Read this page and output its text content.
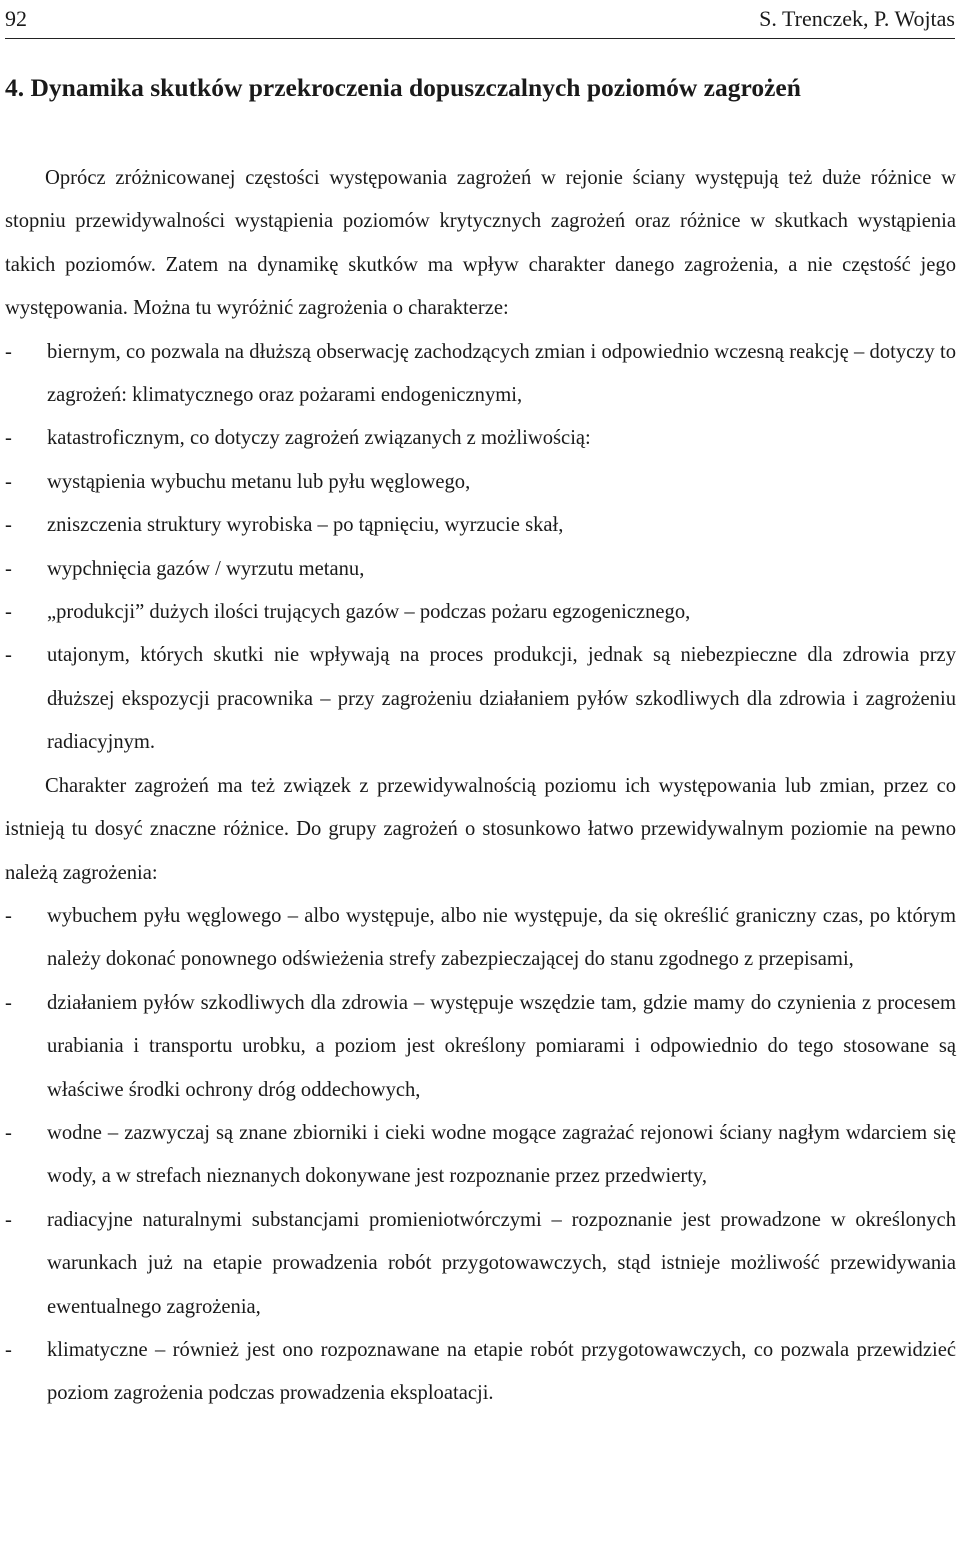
92	S. Trenczek, P. Wojtas
4. Dynamika skutków przekroczenia dopuszczalnych poziomów zagrożeń

Oprócz zróżnicowanej częstości występowania zagrożeń w rejonie ściany występują też duże różnice w stopniu przewidywalności wystąpienia poziomów krytycznych zagrożeń oraz różnice w skutkach wystąpienia takich poziomów. Zatem na dynamikę skutków ma wpływ charakter danego zagrożenia, a nie częstość jego występowania. Można tu wyróżnić zagrożenia o charakterze:

- biernym, co pozwala na dłuższą obserwację zachodzących zmian i odpowiednio wczesną reakcję – dotyczy to zagrożeń: klimatycznego oraz pożarami endogenicznymi,
- katastroficznym, co dotyczy zagrożeń związanych z możliwością:
- wystąpienia wybuchu metanu lub pyłu węglowego,
- zniszczenia struktury wyrobiska – po tąpnięciu, wyrzucie skał,
- wypchnięcia gazów / wyrzutu metanu,
- „produkcji” dużych ilości trujących gazów – podczas pożaru egzogenicznego,
- utajonym, których skutki nie wpływają na proces produkcji, jednak są niebezpieczne dla zdrowia przy dłuższej ekspozycji pracownika – przy zagrożeniu działaniem pyłów szkodliwych dla zdrowia i zagrożeniu radiacyjnym.

Charakter zagrożeń ma też związek z przewidywalnością poziomu ich występowania lub zmian, przez co istnieją tu dosyć znaczne różnice. Do grupy zagrożeń o stosunkowo łatwo przewidywalnym poziomie na pewno należą zagrożenia:

- wybuchem pyłu węglowego – albo występuje, albo nie występuje, da się określić graniczny czas, po którym należy dokonać ponownego odświeżenia strefy zabezpieczającej do stanu zgodnego z przepisami,
- działaniem pyłów szkodliwych dla zdrowia – występuje wszędzie tam, gdzie mamy do czynienia z procesem urabiania i transportu urobku, a poziom jest określony pomiarami i odpowiednio do tego stosowane są właściwe środki ochrony dróg oddechowych,
- wodne – zazwyczaj są znane zbiorniki i cieki wodne mogące zagrażać rejonowi ściany nagłym wdarciem się wody, a w strefach nieznanych dokonywane jest rozpoznanie przez przedwierty,
- radiacyjne naturalnymi substancjami promieniotwórczymi – rozpoznanie jest prowadzone w określonych warunkach już na etapie prowadzenia robót przygotowawczych, stąd istnieje możliwość przewidywania ewentualnego zagrożenia,
- klimatyczne – również jest ono rozpoznawane na etapie robót przygotowawczych, co pozwala przewidzieć poziom zagrożenia podczas prowadzenia eksploatacji.
